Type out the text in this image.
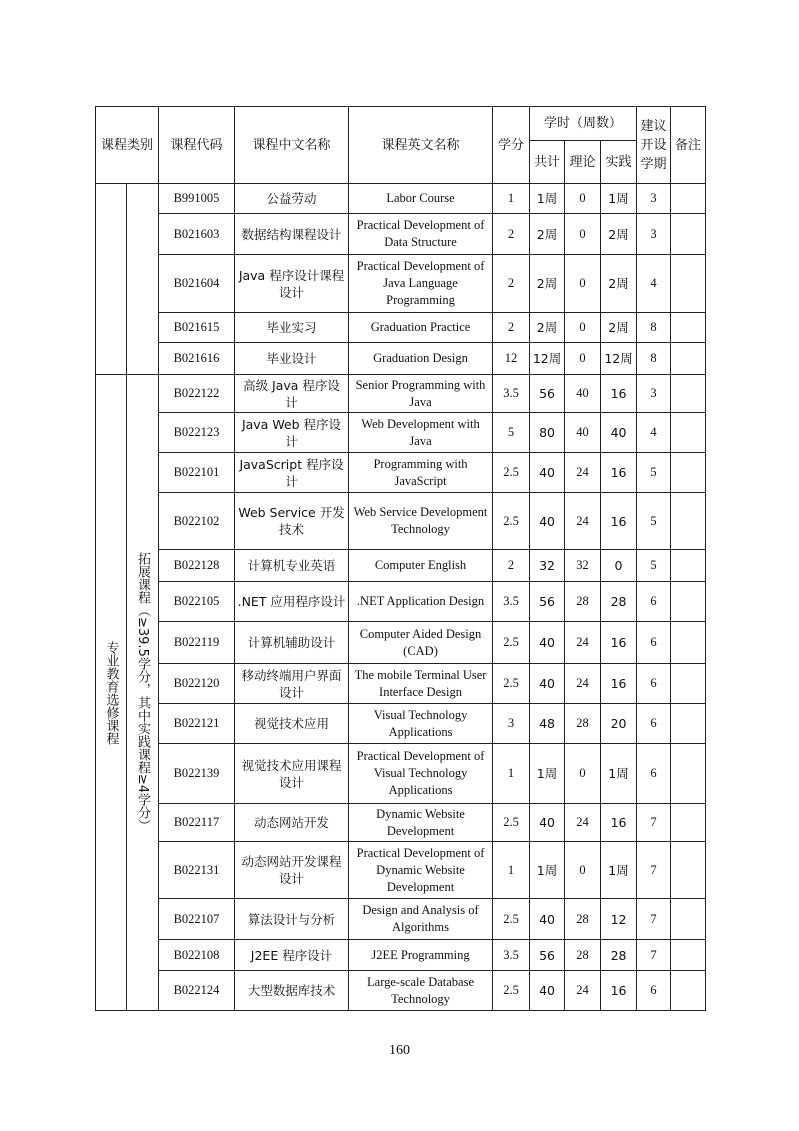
课程类别		课程代码	课程中文名称	课程英文名称	学分	学时（周数）			建议开设学期	备注
						共计	理论	实践		
		B991005	公益劳动	Labor Course	1	1周	0	1周	3	
		B021603	数据结构课程设计	Practical Development of Data Structure	2	2周	0	2周	3	
		B021604	Java 程序设计课程设计	Practical Development of Java Language Programming	2	2周	0	2周	4	
		B021615	毕业实习	Graduation Practice	2	2周	0	2周	8	
		B021616	毕业设计	Graduation Design	12	12周	0	12周	8	

专业教育选修课程	拓展课程（≥39.5学分，其中实践课程≥4学分）	B022122	高级 Java 程序设计	Senior Programming with Java	3.5	56	40	16	3	
		B022123	Java Web 程序设计	Web Development with Java	5	80	40	40	4	
		B022101	JavaScript 程序设计	Programming with JavaScript	2.5	40	24	16	5	
		B022102	Web Service 开发技术	Web Service Development Technology	2.5	40	24	16	5	
		B022128	计算机专业英语	Computer English	2	32	32	0	5	
		B022105	.NET 应用程序设计	.NET Application Design	3.5	56	28	28	6	
		B022119	计算机辅助设计	Computer Aided Design (CAD)	2.5	40	24	16	6	
		B022120	移动终端用户界面设计	The mobile Terminal User Interface Design	2.5	40	24	16	6	
		B022121	视觉技术应用	Visual Technology Applications	3	48	28	20	6	
		B022139	视觉技术应用课程设计	Practical Development of Visual Technology Applications	1	1周	0	1周	6	
		B022117	动态网站开发	Dynamic Website Development	2.5	40	24	16	7	
		B022131	动态网站开发课程设计	Practical Development of Dynamic Website Development	1	1周	0	1周	7	
		B022107	算法设计与分析	Design and Analysis of Algorithms	2.5	40	28	12	7	
		B022108	J2EE 程序设计	J2EE Programming	3.5	56	28	28	7	
		B022124	大型数据库技术	Large-scale Database Technology	2.5	40	24	16	6	
160
